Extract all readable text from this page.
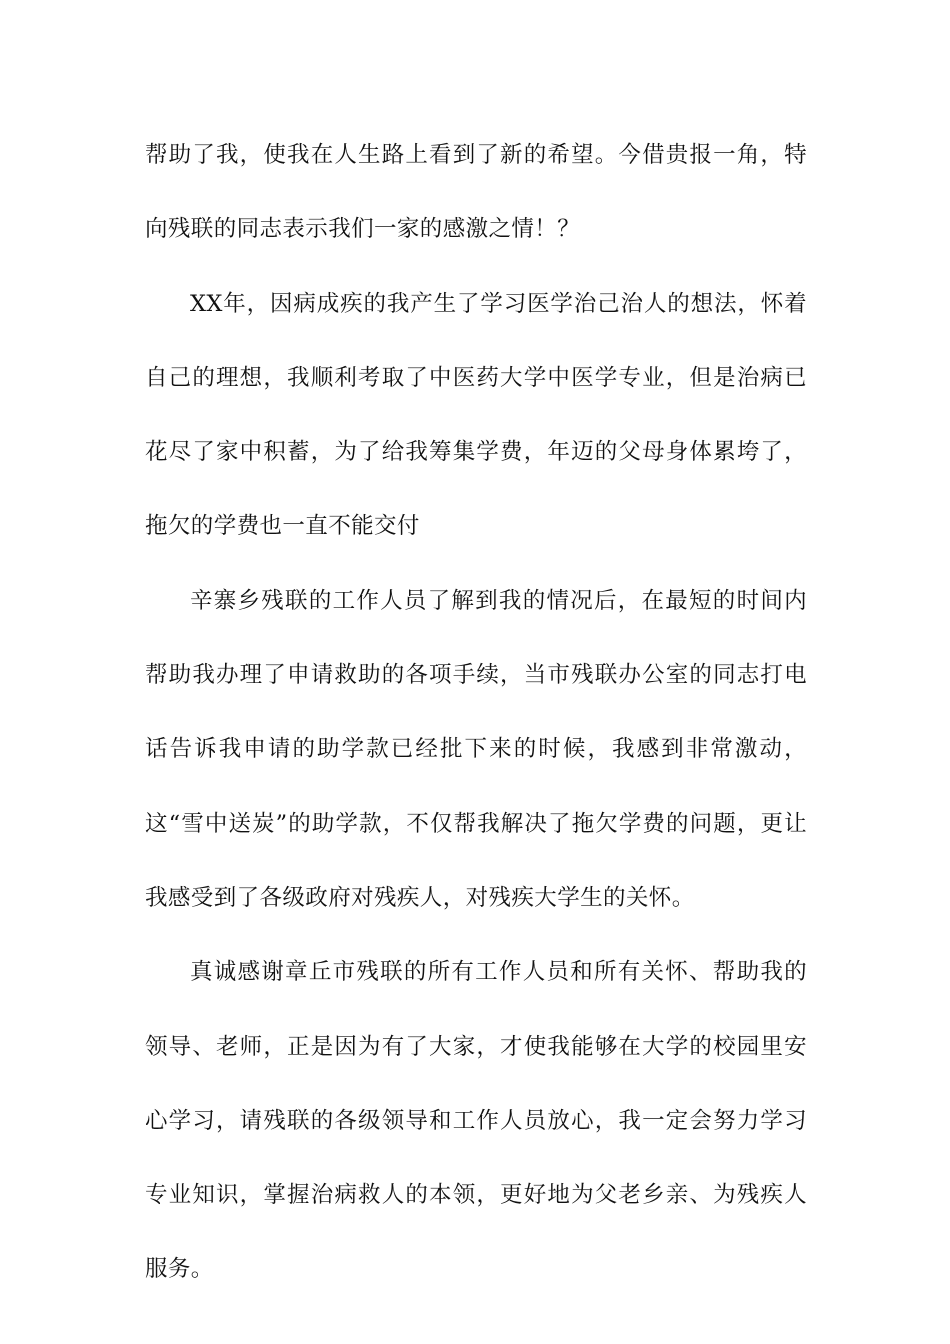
帮助了我，使我在人生路上看到了新的希望。今借贵报一角，特向残联的同志表示我们一家的感激之情！？

XX年，因病成疾的我产生了学习医学治己治人的想法，怀着自己的理想，我顺利考取了中医药大学中医学专业，但是治病已花尽了家中积蓄，为了给我筹集学费，年迈的父母身体累垮了，拖欠的学费也一直不能交付

辛寨乡残联的工作人员了解到我的情况后，在最短的时间内帮助我办理了申请救助的各项手续，当市残联办公室的同志打电话告诉我申请的助学款已经批下来的时候，我感到非常激动，这“雪中送炭”的助学款，不仅帮我解决了拖欠学费的问题，更让我感受到了各级政府对残疾人，对残疾大学生的关怀。

真诚感谢章丘市残联的所有工作人员和所有关怀、帮助我的领导、老师，正是因为有了大家，才使我能够在大学的校园里安心学习，请残联的各级领导和工作人员放心，我一定会努力学习专业知识，掌握治病救人的本领，更好地为父老乡亲、为残疾人服务。
